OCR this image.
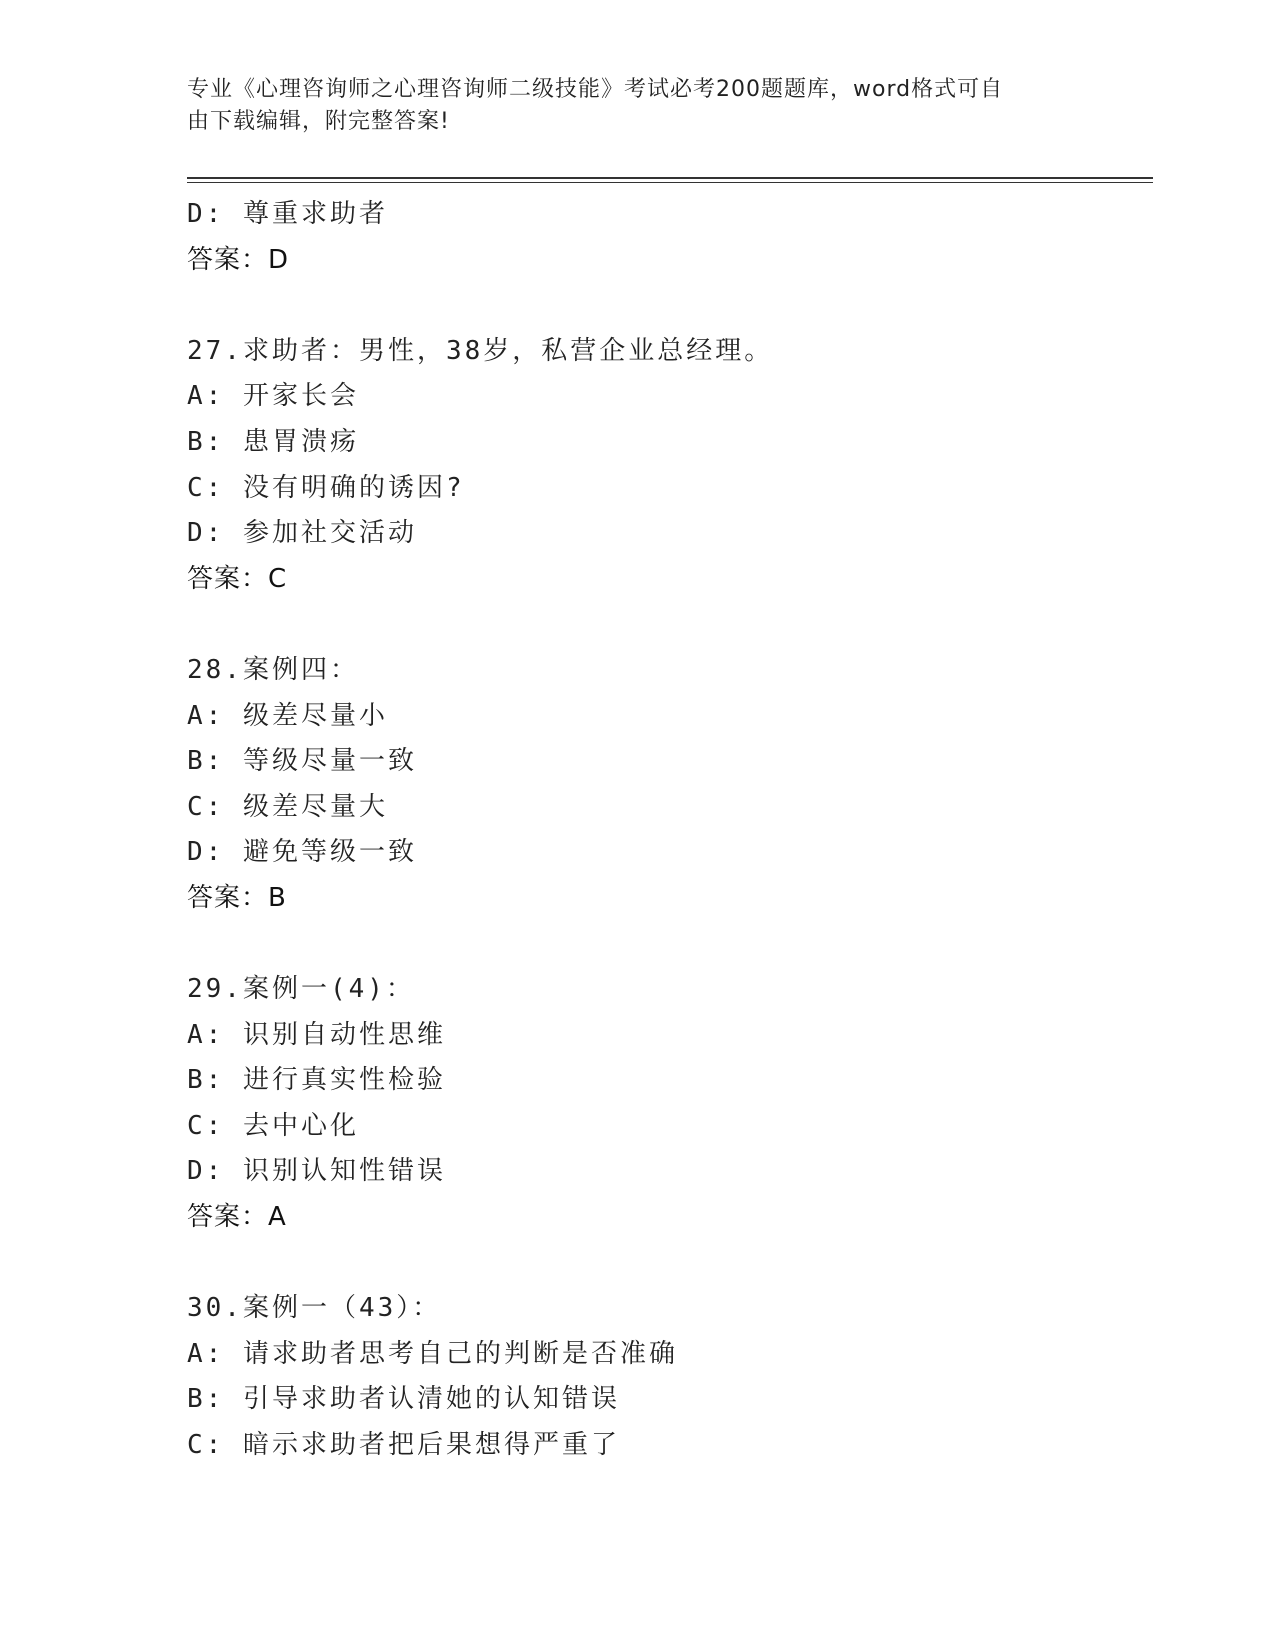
专业《心理咨询师之心理咨询师二级技能》考试必考200题题库，word格式可自
由下载编辑，附完整答案!
D: 尊重求助者
答案：D
27.求助者：男性，38岁，私营企业总经理。
A: 开家长会
B: 患胃溃疡
C: 没有明确的诱因?
D: 参加社交活动
答案：C
28.案例四：
A: 级差尽量小
B: 等级尽量一致
C: 级差尽量大
D: 避免等级一致
答案：B
29.案例一(4)：
A: 识别自动性思维
B: 进行真实性检验
C: 去中心化
D: 识别认知性错误
答案：A
30.案例一（43）：
A: 请求助者思考自己的判断是否准确
B: 引导求助者认清她的认知错误
C: 暗示求助者把后果想得严重了
